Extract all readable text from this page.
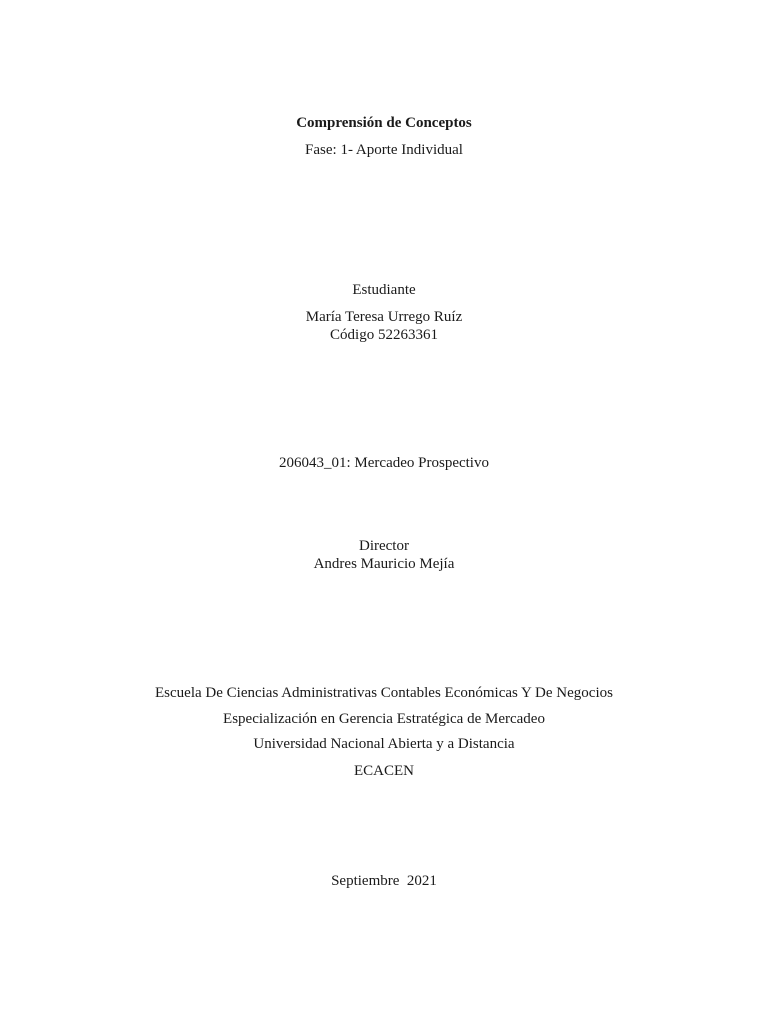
Comprensión de Conceptos
Fase: 1- Aporte Individual
Estudiante
María Teresa Urrego Ruíz
Código 52263361
206043_01: Mercadeo Prospectivo
Director
Andres Mauricio Mejía
Escuela De Ciencias Administrativas Contables Económicas Y De Negocios
Especialización en Gerencia Estratégica de Mercadeo
Universidad Nacional Abierta y a Distancia
ECACEN
Septiembre  2021
